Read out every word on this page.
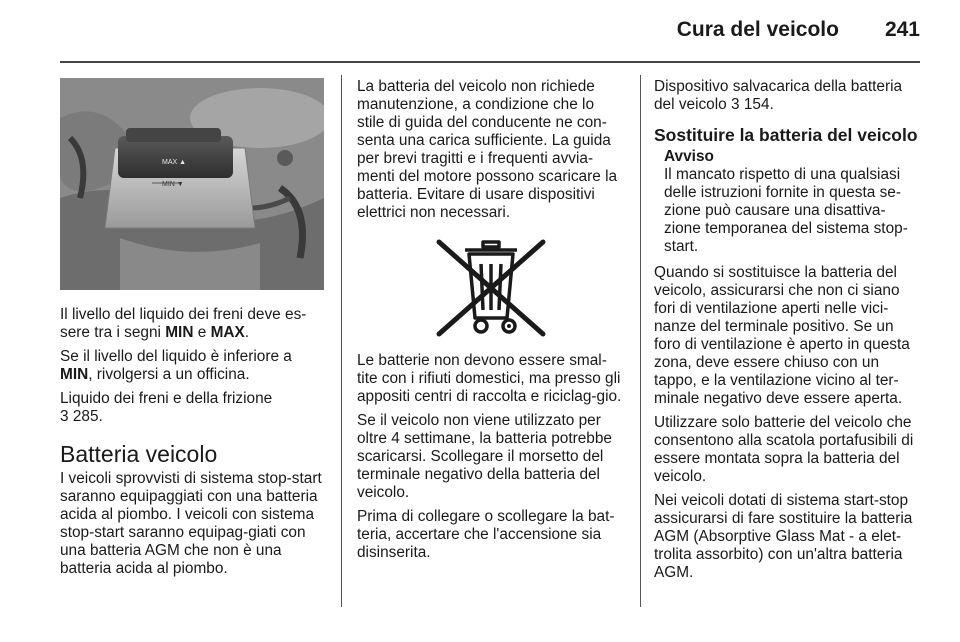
Cura del veicolo 241
MAX ▲
MIN ▼

Il livello del liquido dei freni deve es-sere tra i segni MIN e MAX.

Se il livello del liquido è inferiore a MIN, rivolgersi a un officina.

Liquido dei freni e della frizione
3 285.

Batteria veicolo

I veicoli sprovvisti di sistema stop-start saranno equipaggiati con una batteria acida al piombo. I veicoli con sistema stop-start saranno equipag-giati con una batteria AGM che non è una batteria acida al piombo.

La batteria del veicolo non richiede manutenzione, a condizione che lo stile di guida del conducente ne con-senta una carica sufficiente. La guida per brevi tragitti e i frequenti avvia-menti del motore possono scaricare la batteria. Evitare di usare dispositivi elettrici non necessari.

Le batterie non devono essere smal-tite con i rifiuti domestici, ma presso gli appositi centri di raccolta e riciclag-gio.

Se il veicolo non viene utilizzato per oltre 4 settimane, la batteria potrebbe scaricarsi. Scollegare il morsetto del terminale negativo della batteria del veicolo.

Prima di collegare o scollegare la bat-teria, accertare che l'accensione sia disinserita.

Dispositivo salvacarica della batteria del veicolo 3 154.

Sostituire la batteria del veicolo
Avviso
Il mancato rispetto di una qualsiasi delle istruzioni fornite in questa se-zione può causare una disattiva-zione temporanea del sistema stop-start.

Quando si sostituisce la batteria del veicolo, assicurarsi che non ci siano fori di ventilazione aperti nelle vici-nanze del terminale positivo. Se un foro di ventilazione è aperto in questa zona, deve essere chiuso con un tappo, e la ventilazione vicino al ter-minale negativo deve essere aperta.

Utilizzare solo batterie del veicolo che consentono alla scatola portafusibili di essere montata sopra la batteria del veicolo.

Nei veicoli dotati di sistema start-stop assicurarsi di fare sostituire la batteria AGM (Absorptive Glass Mat - a elet-trolita assorbito) con un'altra batteria AGM.
